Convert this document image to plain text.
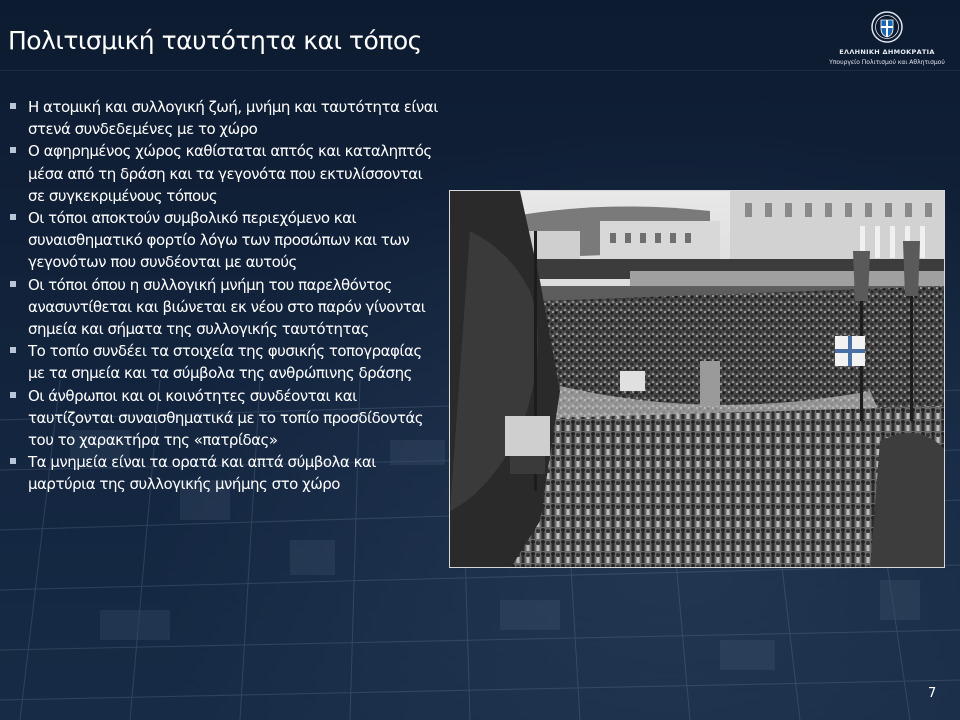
Πολιτισμική ταυτότητα και τόπος	ΕΛΛΗΝΙΚΗ ΔΗΜΟΚΡΑΤΙΑ
Υπουργείο Πολιτισμού και Αθλητισμού
Η ατομική και συλλογική ζωή, μνήμη και ταυτότητα είναι στενά συνδεδεμένες με το χώρο
Ο αφηρημένος χώρος καθίσταται απτός και καταληπτός μέσα από τη δράση και τα γεγονότα που εκτυλίσσονται σε συγκεκριμένους τόπους
Οι τόποι αποκτούν συμβολικό περιεχόμενο και συναισθηματικό φορτίο λόγω των προσώπων και των γεγονότων που συνδέονται με αυτούς
Οι τόποι όπου η συλλογική μνήμη του παρελθόντος ανασυντίθεται και βιώνεται εκ νέου στο παρόν γίνονται σημεία και σήματα της συλλογικής ταυτότητας
Το τοπίο συνδέει τα στοιχεία της φυσικής τοπογραφίας με τα σημεία και τα σύμβολα της ανθρώπινης δράσης
Οι άνθρωποι και οι κοινότητες συνδέονται και ταυτίζονται συναισθηματικά με το τοπίο προσδίδοντάς του το χαρακτήρα της «πατρίδας»
Τα μνημεία είναι τα ορατά και απτά σύμβολα και μαρτύρια της συλλογικής μνήμης στο χώρο
7
